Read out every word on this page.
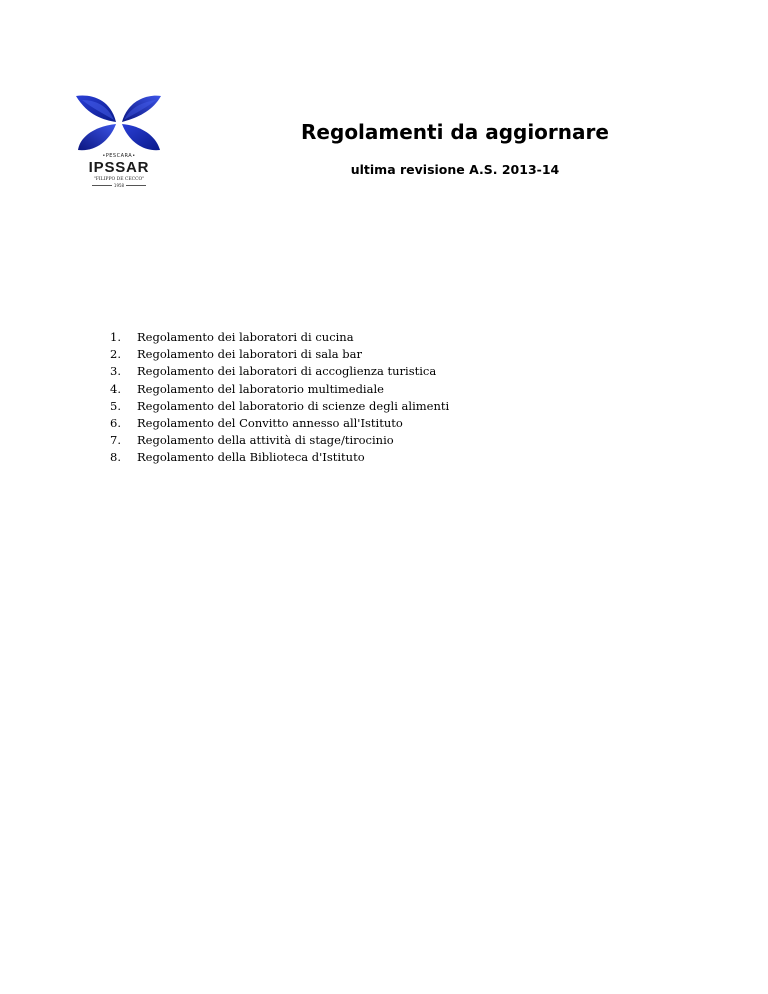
•PESCARA•
IPSSAR
"FILIPPO DE CECCO"
1958
Regolamenti da aggiornare
ultima revisione A.S. 2013-14
1.	Regolamento dei laboratori di cucina
2.	Regolamento dei laboratori di sala bar
3.	Regolamento dei laboratori di accoglienza turistica
4.	Regolamento del laboratorio multimediale
5.	Regolamento del laboratorio di scienze degli alimenti
6.	Regolamento del Convitto annesso all'Istituto
7.	Regolamento della attività di stage/tirocinio
8.	Regolamento della Biblioteca d'Istituto
